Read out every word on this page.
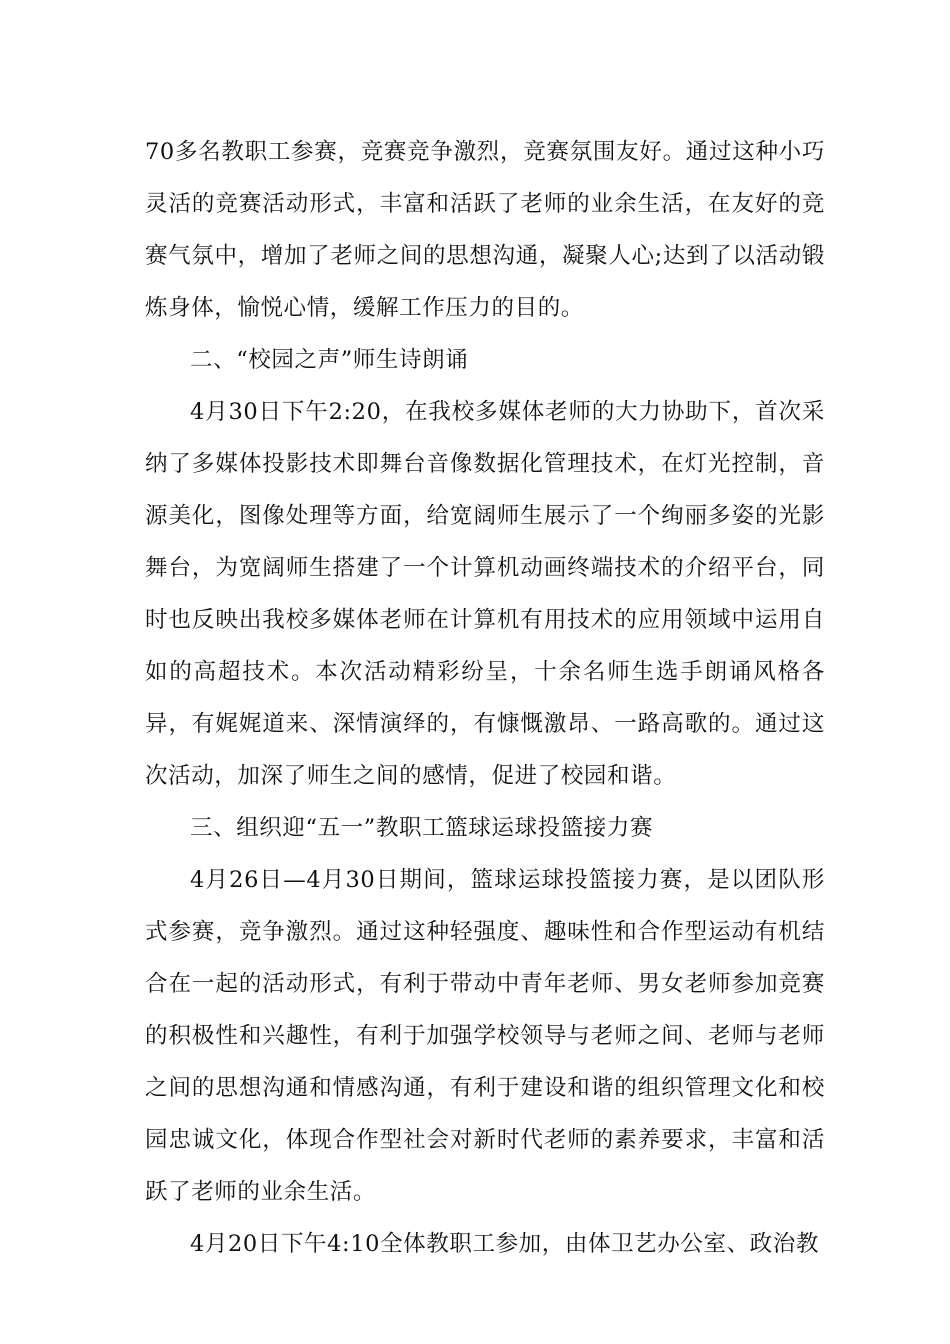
70多名教职工参赛，竞赛竞争激烈，竞赛氛围友好。通过这种小巧灵活的竞赛活动形式，丰富和活跃了老师的业余生活，在友好的竞赛气氛中，增加了老师之间的思想沟通，凝聚人心;达到了以活动锻炼身体，愉悦心情，缓解工作压力的目的。

二、“校园之声”师生诗朗诵

4月30日下午2:20，在我校多媒体老师的大力协助下，首次采纳了多媒体投影技术即舞台音像数据化管理技术，在灯光控制，音源美化，图像处理等方面，给宽阔师生展示了一个绚丽多姿的光影舞台，为宽阔师生搭建了一个计算机动画终端技术的介绍平台，同时也反映出我校多媒体老师在计算机有用技术的应用领域中运用自如的高超技术。本次活动精彩纷呈，十余名师生选手朗诵风格各异，有娓娓道来、深情演绎的，有慷慨激昂、一路高歌的。通过这次活动，加深了师生之间的感情，促进了校园和谐。

三、组织迎“五一”教职工篮球运球投篮接力赛

4月26日—4月30日期间，篮球运球投篮接力赛，是以团队形式参赛，竞争激烈。通过这种轻强度、趣味性和合作型运动有机结合在一起的活动形式，有利于带动中青年老师、男女老师参加竞赛的积极性和兴趣性，有利于加强学校领导与老师之间、老师与老师之间的思想沟通和情感沟通，有利于建设和谐的组织管理文化和校园忠诚文化，体现合作型社会对新时代老师的素养要求，丰富和活跃了老师的业余生活。

4月20日下午4:10全体教职工参加，由体卫艺办公室、政治教
